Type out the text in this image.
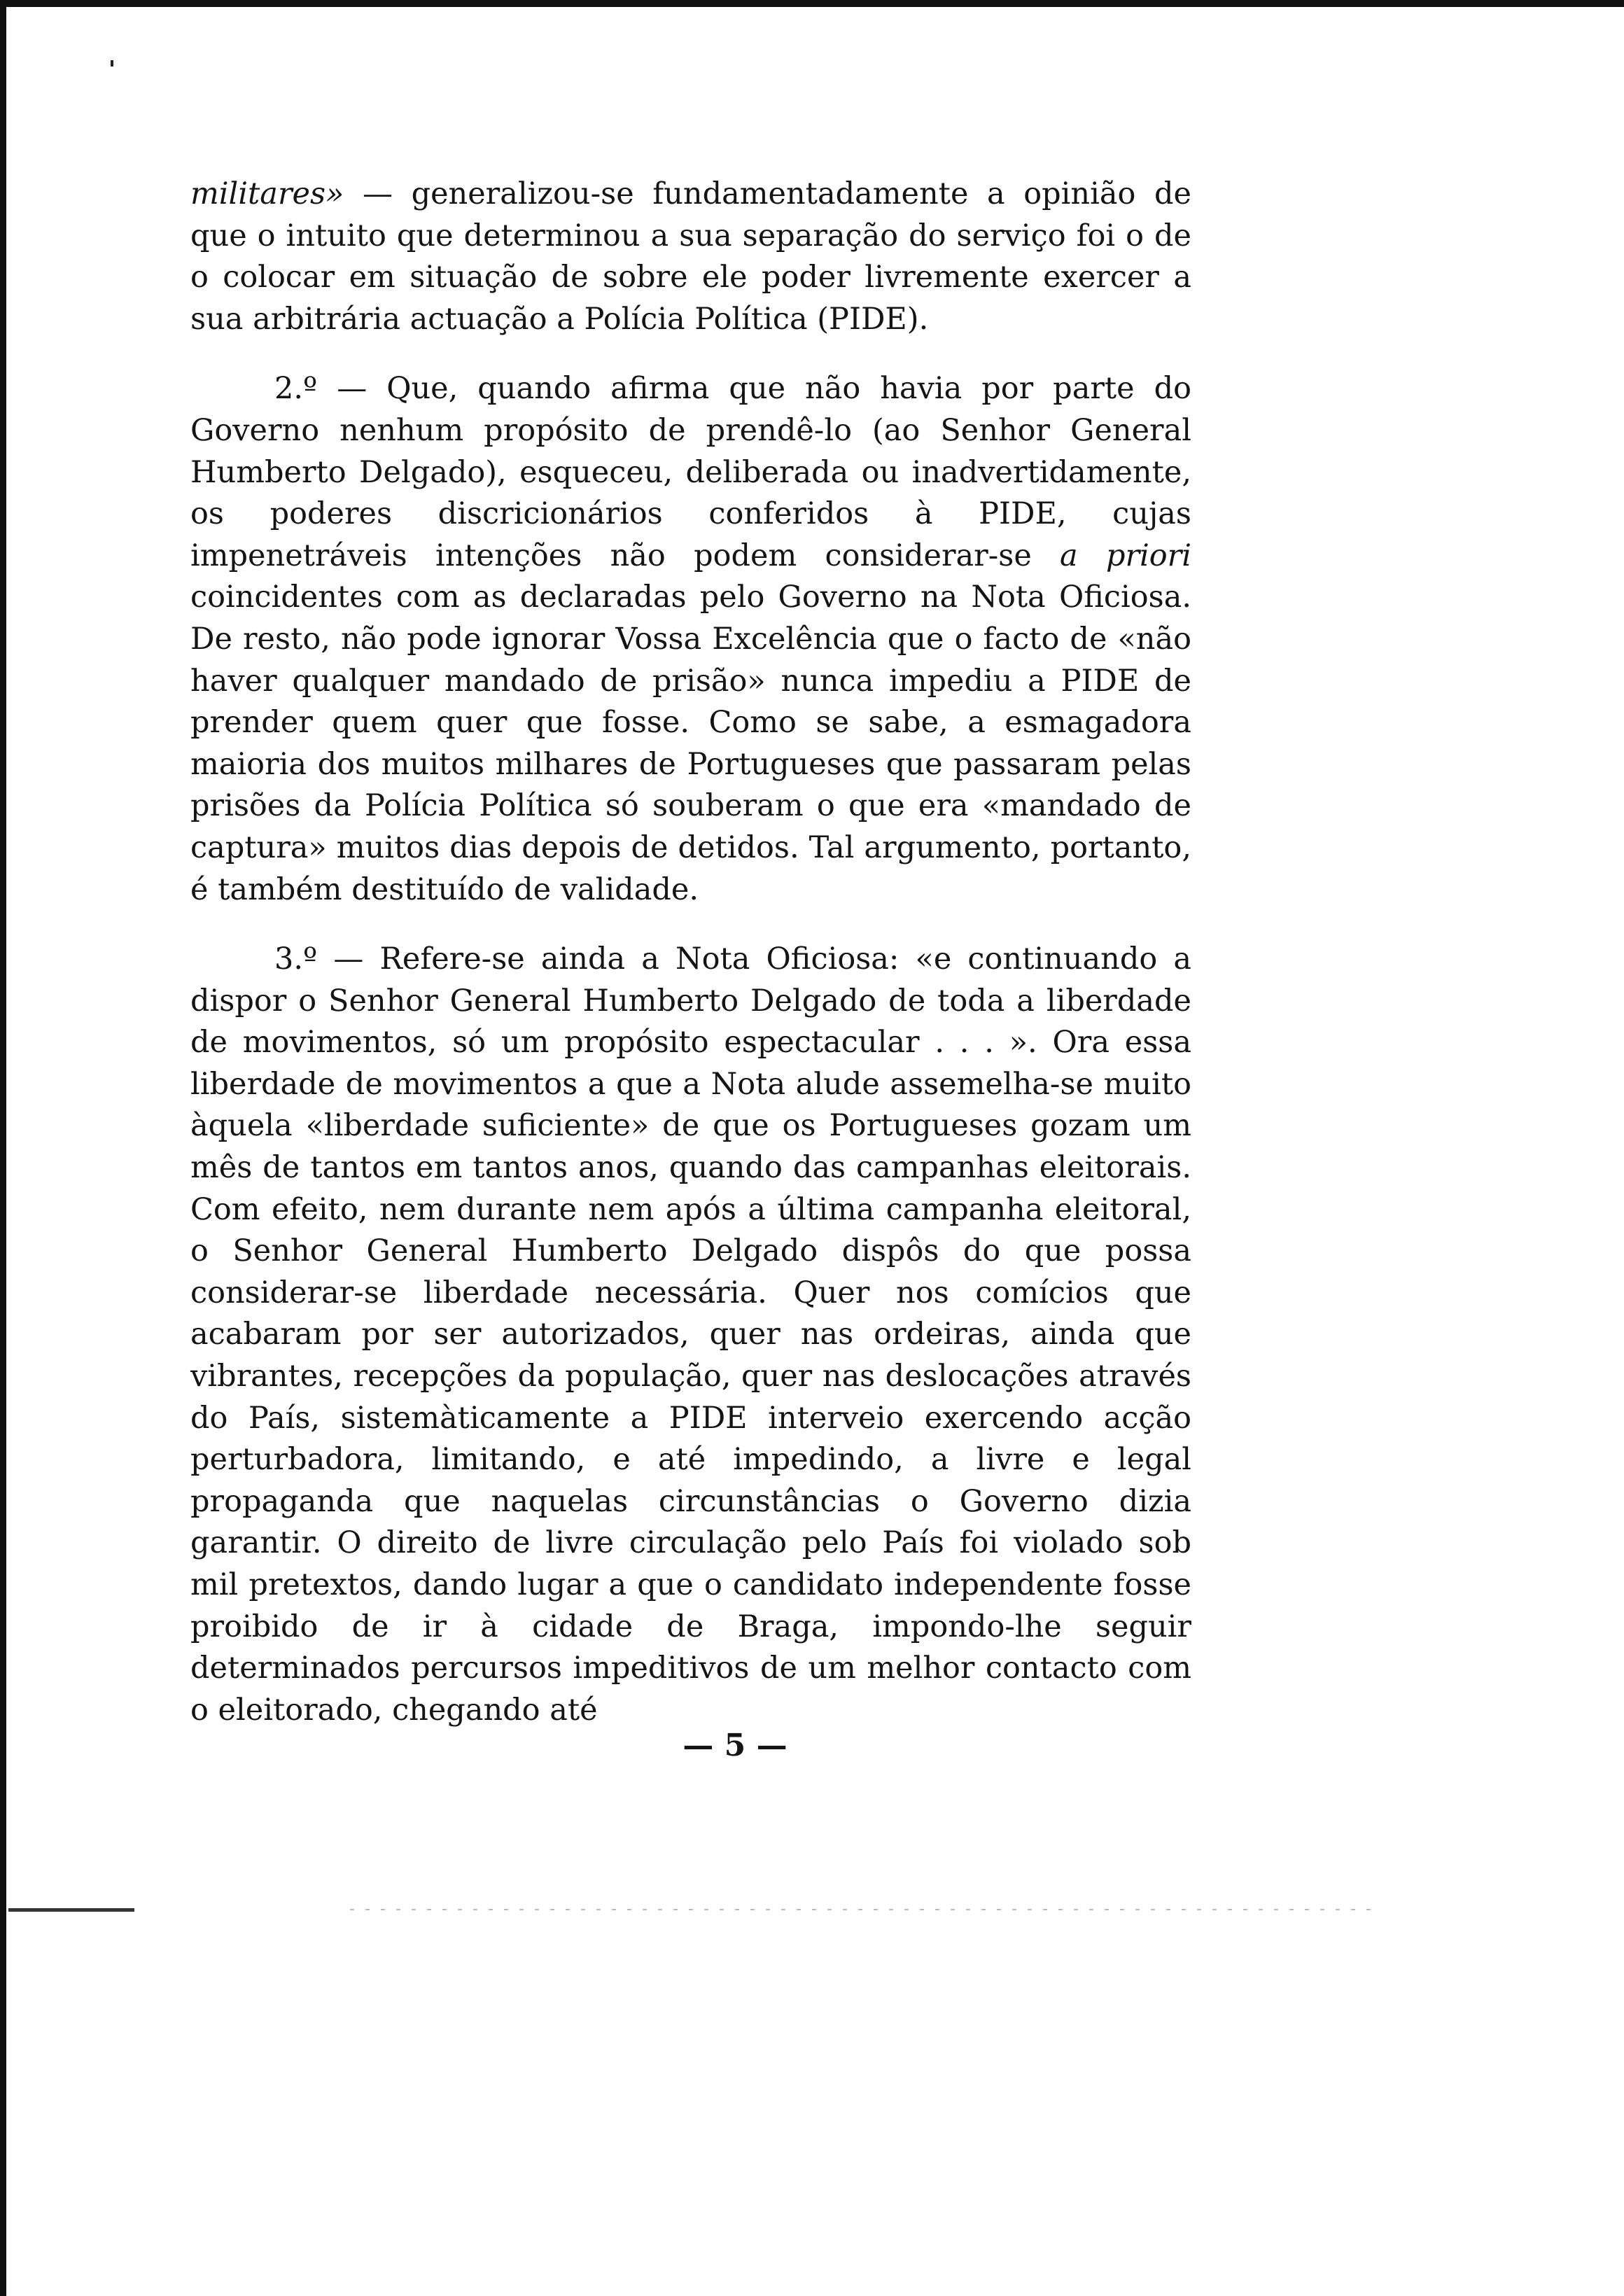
militares» — generalizou-se fundamentadamente a opinião de que o intuito que determinou a sua separação do serviço foi o de o colocar em situação de sobre ele poder livremente exercer a sua arbitrária actuação a Polícia Política (PIDE).

2.º — Que, quando afirma que não havia por parte do Governo nenhum propósito de prendê-lo (ao Senhor General Humberto Delgado), esqueceu, deliberada ou inadvertidamente, os poderes discricionários conferidos à PIDE, cujas impenetráveis intenções não podem considerar-se a priori coincidentes com as declaradas pelo Governo na Nota Oficiosa. De resto, não pode ignorar Vossa Excelência que o facto de «não haver qualquer mandado de prisão» nunca impediu a PIDE de prender quem quer que fosse. Como se sabe, a esmagadora maioria dos muitos milhares de Portugueses que passaram pelas prisões da Polícia Política só souberam o que era «mandado de captura» muitos dias depois de detidos. Tal argumento, portanto, é também destituído de validade.

3.º — Refere-se ainda a Nota Oficiosa: «e continuando a dispor o Senhor General Humberto Delgado de toda a liberdade de movimentos, só um propósito espectacular . . . ». Ora essa liberdade de movimentos a que a Nota alude assemelha-se muito àquela «liberdade suficiente» de que os Portugueses gozam um mês de tantos em tantos anos, quando das campanhas eleitorais. Com efeito, nem durante nem após a última campanha eleitoral, o Senhor General Humberto Delgado dispôs do que possa considerar-se liberdade necessária. Quer nos comícios que acabaram por ser autorizados, quer nas ordeiras, ainda que vibrantes, recepções da população, quer nas deslocações através do País, sistemàticamente a PIDE interveio exercendo acção perturbadora, limitando, e até impedindo, a livre e legal propaganda que naquelas circunstâncias o Governo dizia garantir. O direito de livre circulação pelo País foi violado sob mil pretextos, dando lugar a que o candidato independente fosse proibido de ir à cidade de Braga, impondo-lhe seguir determinados percursos impeditivos de um melhor contacto com o eleitorado, chegando até

— 5 —
